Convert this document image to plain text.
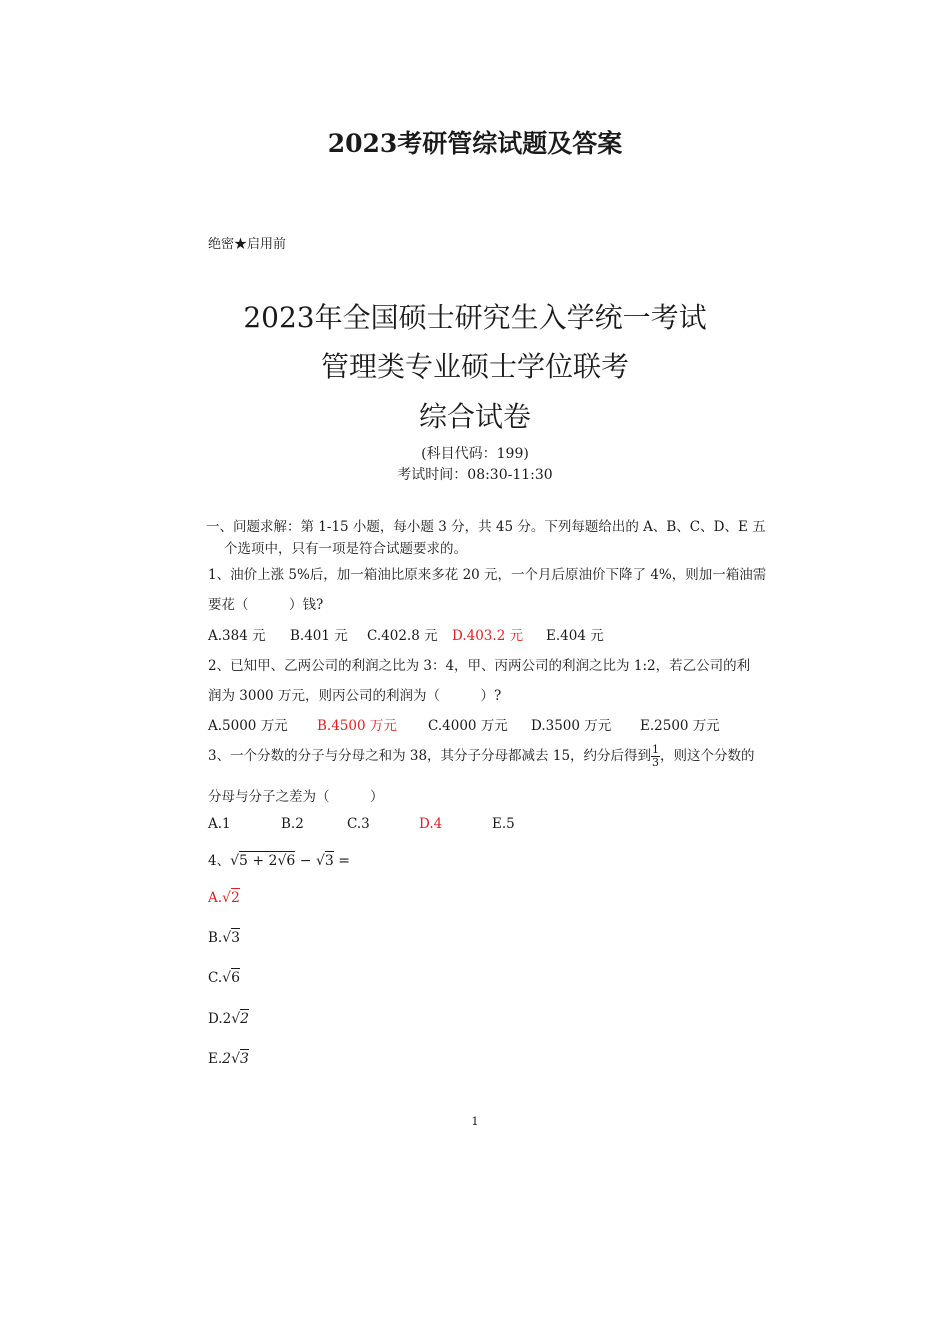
2023考研管综试题及答案
绝密★启用前
2023年全国硕士研究生入学统一考试
管理类专业硕士学位联考
综合试卷
(科目代码：199)
考试时间：08:30-11:30
一、问题求解：第 1-15 小题，每小题 3 分，共 45 分。下列每题给出的 A、B、C、D、E 五
个选项中，只有一项是符合试题要求的。
1、油价上涨 5%后，加一箱油比原来多花 20 元，一个月后原油价下降了 4%，则加一箱油需
要花（　　　）钱?
A.384 元 B.401 元 C.402.8 元 D.403.2 元 E.404 元
2、已知甲、乙两公司的利润之比为 3：4，甲、丙两公司的利润之比为 1:2，若乙公司的利
润为 3000 万元，则丙公司的利润为（　　　）?
A.5000 万元 B.4500 万元 C.4000 万元 D.3500 万元 E.2500 万元
3、一个分数的分子与分母之和为 38，其分子分母都减去 15，约分后得到 $\frac{1}{3}$ ，则这个分数的
分母与分子之差为（　　　）
A.1	B.2	C.3	D.4	E.5
4、√5 + 2√6 − √3 =
A.√2
B.√3
C.√6
D.2√2
E.2√3
1
